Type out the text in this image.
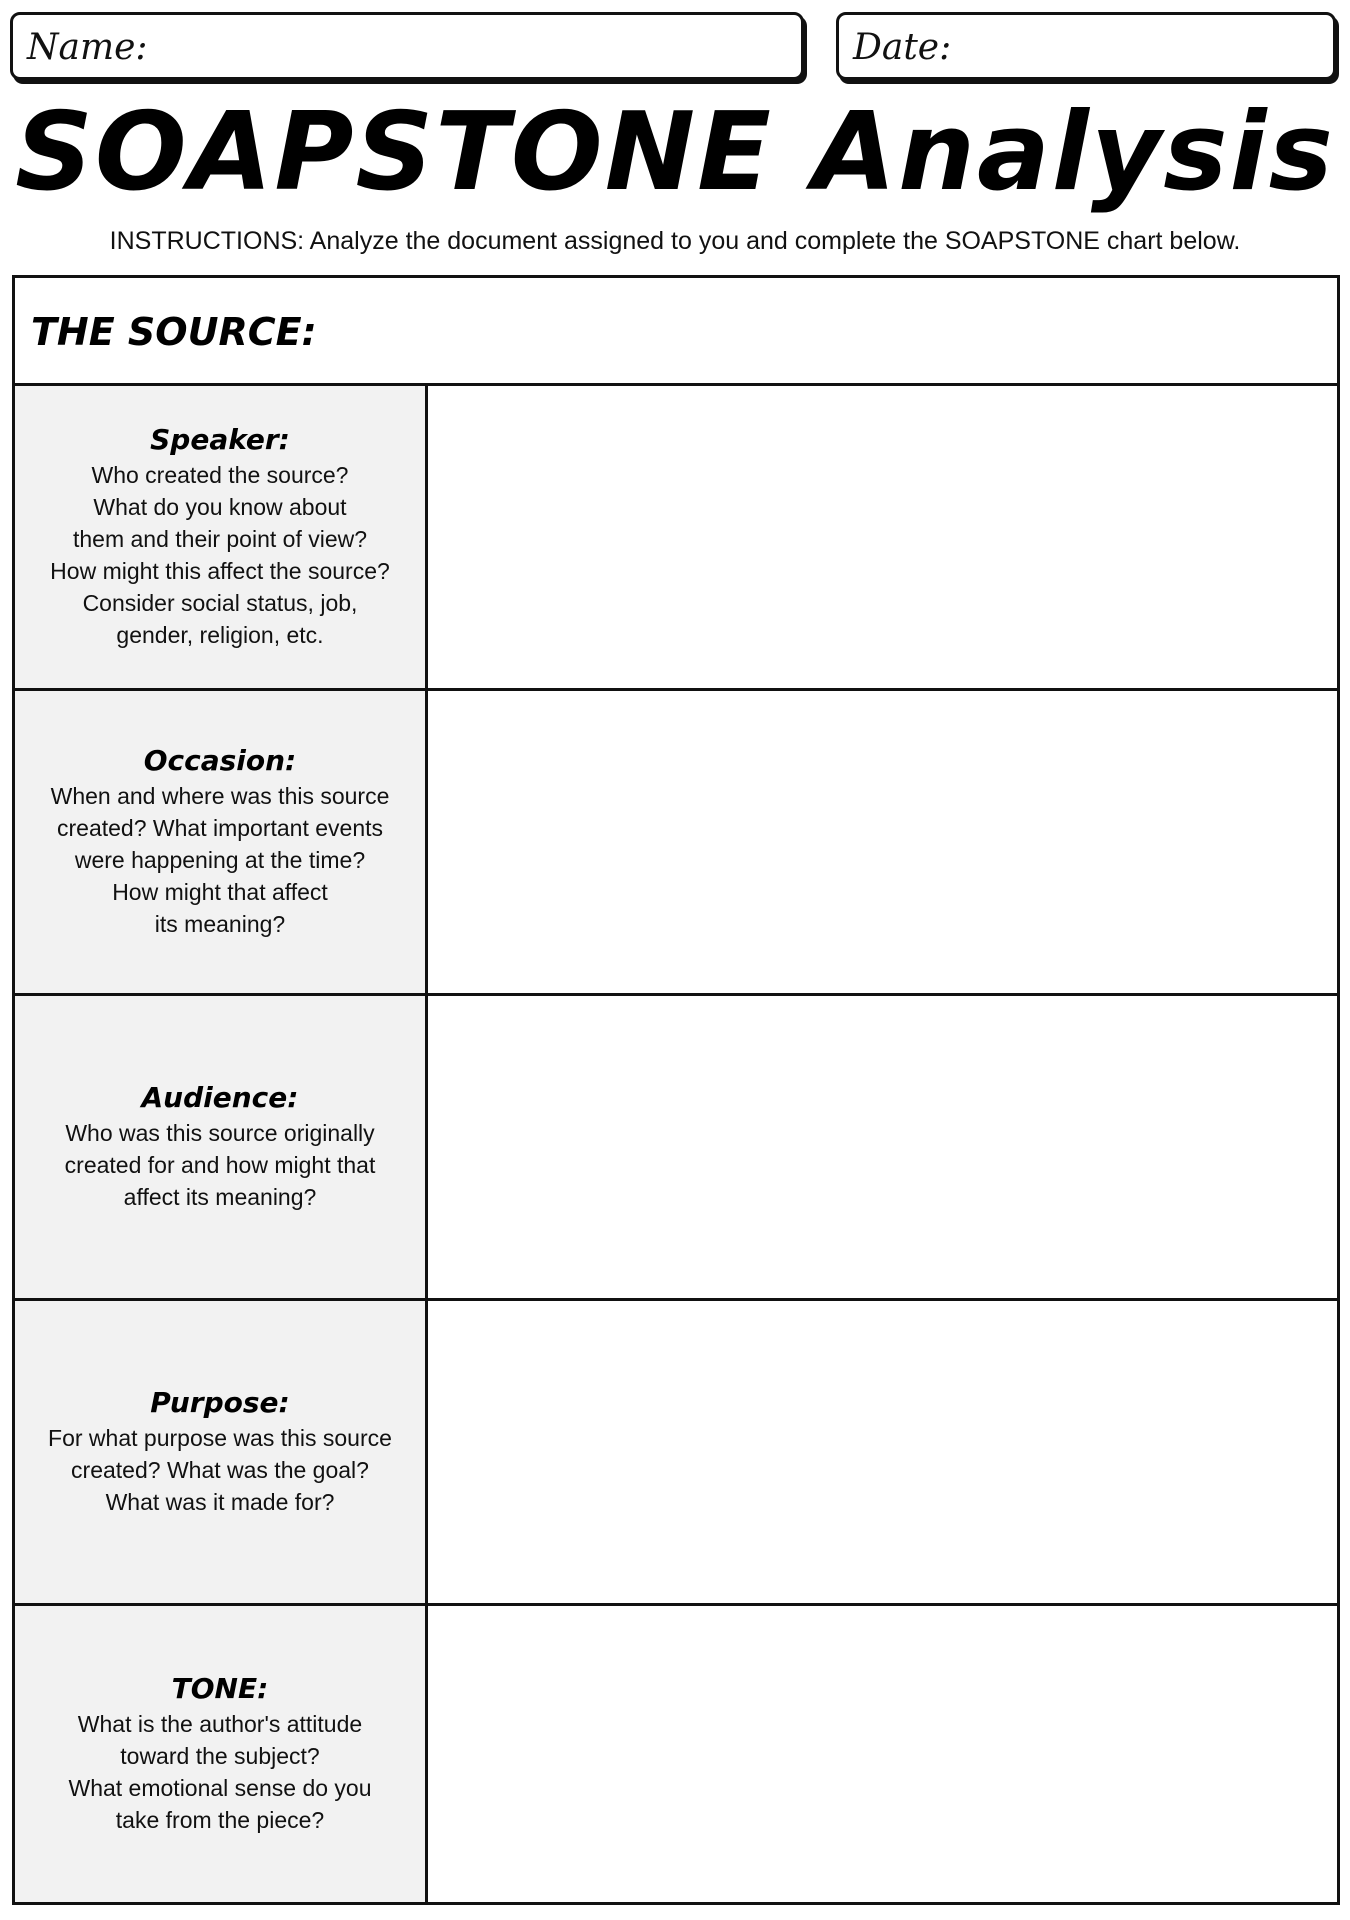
Name:	Date:
SOAPSTONE Analysis

INSTRUCTIONS: Analyze the document assigned to you and complete the SOAPSTONE chart below.

THE SOURCE:
Speaker:
Who created the source?
What do you know about
them and their point of view?
How might this affect the source?
Consider social status, job,
gender, religion, etc.
Occasion:
When and where was this source
created? What important events
were happening at the time?
How might that affect
its meaning?
Audience:
Who was this source originally
created for and how might that
affect its meaning?
Purpose:
For what purpose was this source
created? What was the goal?
What was it made for?
TONE:
What is the author's attitude
toward the subject?
What emotional sense do you
take from the piece?
